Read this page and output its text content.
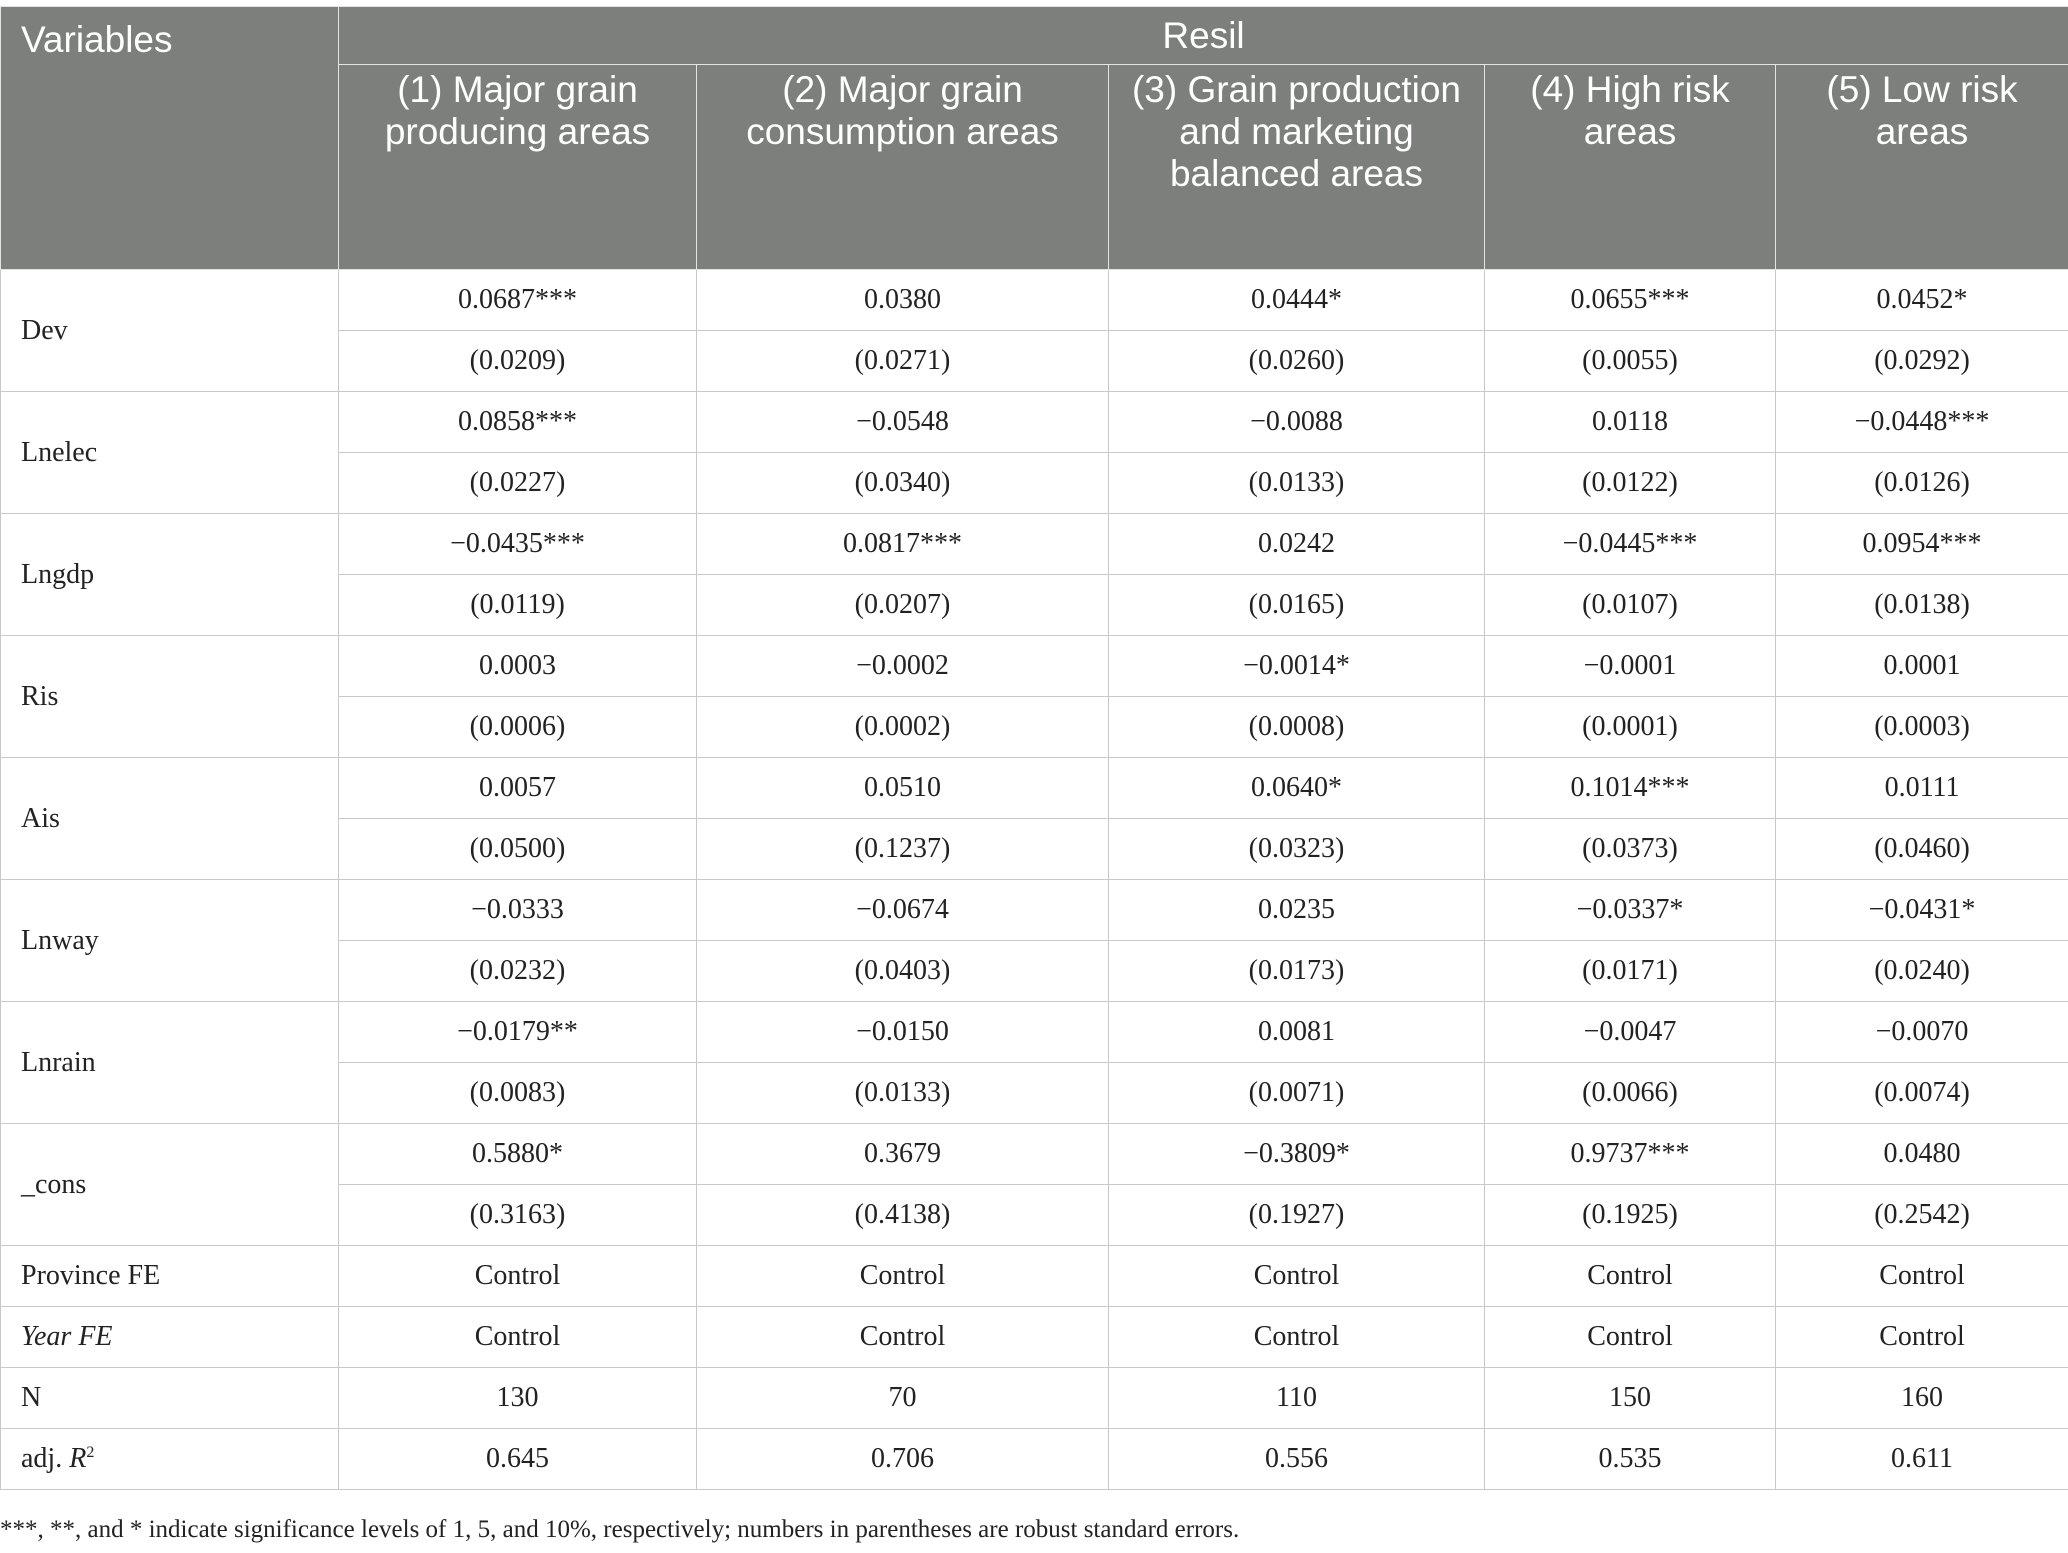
Variables	Resil				
	(1) Major grain producing areas	(2) Major grain consumption areas	(3) Grain production and marketing balanced areas	(4) High risk areas	(5) Low risk areas
Dev	0.0687***	0.0380	0.0444*	0.0655***	0.0452*
	(0.0209)	(0.0271)	(0.0260)	(0.0055)	(0.0292)
Lnelec	0.0858***	−0.0548	−0.0088	0.0118	−0.0448***
	(0.0227)	(0.0340)	(0.0133)	(0.0122)	(0.0126)
Lngdp	−0.0435***	0.0817***	0.0242	−0.0445***	0.0954***
	(0.0119)	(0.0207)	(0.0165)	(0.0107)	(0.0138)
Ris	0.0003	−0.0002	−0.0014*	−0.0001	0.0001
	(0.0006)	(0.0002)	(0.0008)	(0.0001)	(0.0003)
Ais	0.0057	0.0510	0.0640*	0.1014***	0.0111
	(0.0500)	(0.1237)	(0.0323)	(0.0373)	(0.0460)
Lnway	−0.0333	−0.0674	0.0235	−0.0337*	−0.0431*
	(0.0232)	(0.0403)	(0.0173)	(0.0171)	(0.0240)
Lnrain	−0.0179**	−0.0150	0.0081	−0.0047	−0.0070
	(0.0083)	(0.0133)	(0.0071)	(0.0066)	(0.0074)
_cons	0.5880*	0.3679	−0.3809*	0.9737***	0.0480
	(0.3163)	(0.4138)	(0.1927)	(0.1925)	(0.2542)
Province FE	Control	Control	Control	Control	Control
Year FE	Control	Control	Control	Control	Control
N	130	70	110	150	160
adj. $R^2$	0.645	0.706	0.556	0.535	0.611
***, **, and * indicate significance levels of 1, 5, and 10%, respectively; numbers in parentheses are robust standard errors.
